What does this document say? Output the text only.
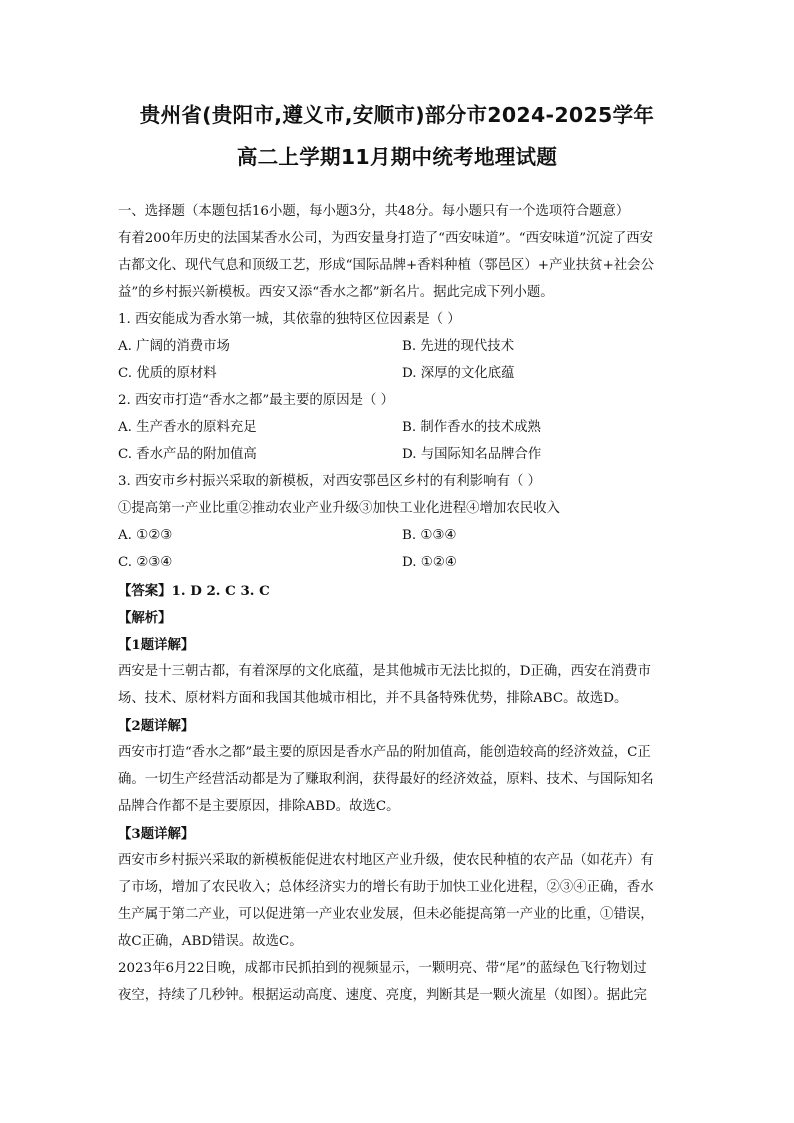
贵州省(贵阳市,遵义市,安顺市)部分市2024-2025学年
高二上学期11月期中统考地理试题
一、选择题（本题包括16小题，每小题3分，共48分。每小题只有一个选项符合题意）
有着200年历史的法国某香水公司，为西安量身打造了“西安味道”。“西安味道”沉淀了西安
古都文化、现代气息和顶级工艺，形成“国际品牌+香料种植（鄠邑区）+产业扶贫+社会公
益”的乡村振兴新模板。西安又添“香水之都”新名片。据此完成下列小题。
1. 西安能成为香水第一城，其依靠的独特区位因素是（ ）
A. 广阔的消费市场	B. 先进的现代技术
C. 优质的原材料	D. 深厚的文化底蕴
2. 西安市打造“香水之都”最主要的原因是（ ）
A. 生产香水的原料充足	B. 制作香水的技术成熟
C. 香水产品的附加值高	D. 与国际知名品牌合作
3. 西安市乡村振兴采取的新模板，对西安鄠邑区乡村的有利影响有（ ）
①提高第一产业比重②推动农业产业升级③加快工业化进程④增加农民收入
A. ①②③	B. ①③④
C. ②③④	D. ①②④
【答案】1. D 2. C 3. C
【解析】
【1题详解】
西安是十三朝古都，有着深厚的文化底蕴，是其他城市无法比拟的，D正确，西安在消费市
场、技术、原材料方面和我国其他城市相比，并不具备特殊优势，排除ABC。故选D。
【2题详解】
西安市打造“香水之都”最主要的原因是香水产品的附加值高，能创造较高的经济效益，C正
确。一切生产经营活动都是为了赚取利润，获得最好的经济效益，原料、技术、与国际知名
品牌合作都不是主要原因，排除ABD。故选C。
【3题详解】
西安市乡村振兴采取的新模板能促进农村地区产业升级，使农民种植的农产品（如花卉）有
了市场，增加了农民收入；总体经济实力的增长有助于加快工业化进程，②③④正确，香水
生产属于第二产业，可以促进第一产业农业发展，但未必能提高第一产业的比重，①错误，
故C正确，ABD错误。故选C。
2023年6月22日晚，成都市民抓拍到的视频显示，一颗明亮、带“尾”的蓝绿色飞行物划过
夜空，持续了几秒钟。根据运动高度、速度、亮度，判断其是一颗火流星（如图）。据此完
